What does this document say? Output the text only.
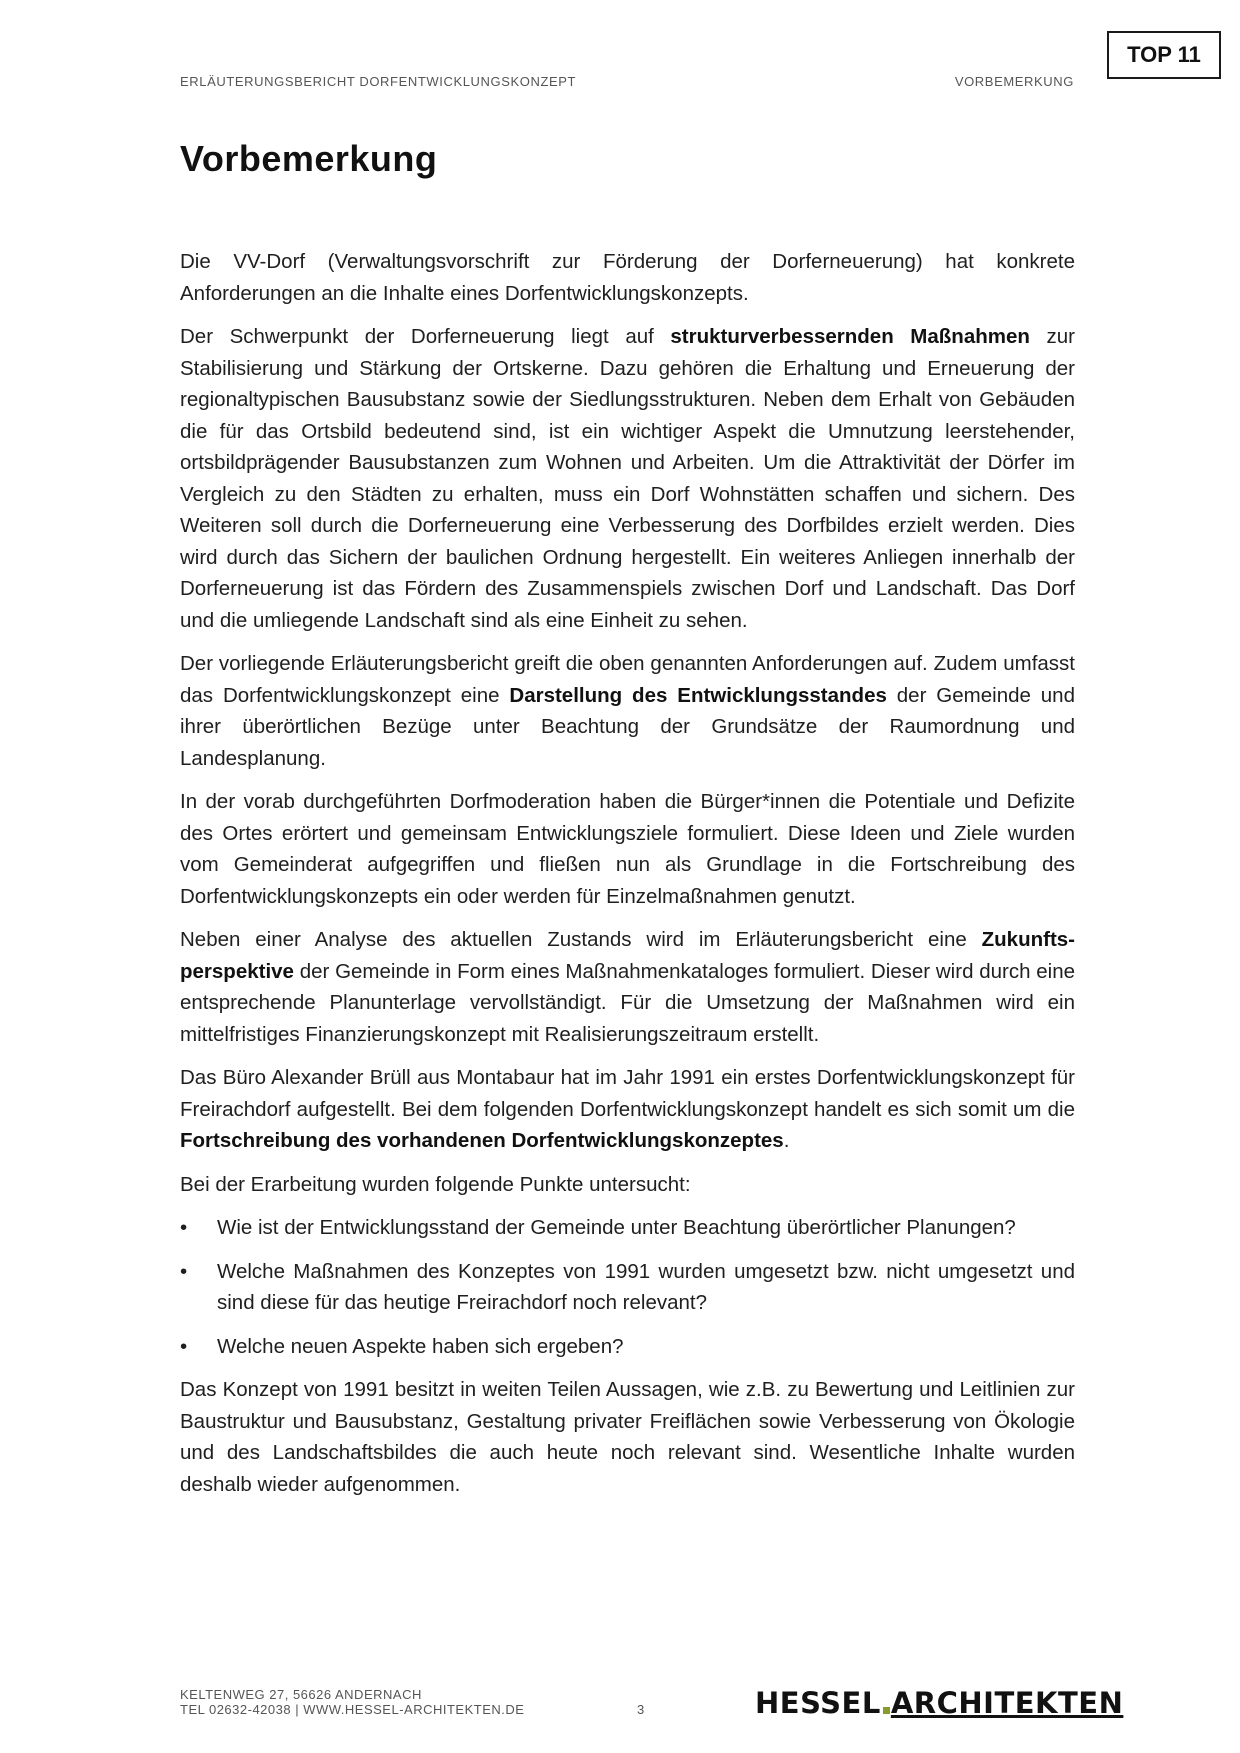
TOP 11
ERLÄUTERUNGSBERICHT DORFENTWICKLUNGSKONZEPT	VORBEMERKUNG
Vorbemerkung

Die VV-Dorf (Verwaltungsvorschrift zur Förderung der Dorferneuerung) hat konkrete Anforderungen an die Inhalte eines Dorfentwicklungskonzepts.

Der Schwerpunkt der Dorferneuerung liegt auf strukturverbessernden Maßnahmen zur Stabilisierung und Stärkung der Ortskerne. Dazu gehören die Erhaltung und Erneuerung der regionaltypischen Bausubstanz sowie der Siedlungsstrukturen. Neben dem Erhalt von Gebäuden die für das Ortsbild bedeutend sind, ist ein wichtiger Aspekt die Umnutzung leerstehender, ortsbildprägender Bausubstanzen zum Wohnen und Arbeiten. Um die Attraktivität der Dörfer im Vergleich zu den Städten zu erhalten, muss ein Dorf Wohnstätten schaffen und sichern. Des Weiteren soll durch die Dorferneuerung eine Verbesserung des Dorfbildes erzielt werden. Dies wird durch das Sichern der baulichen Ordnung hergestellt. Ein weiteres Anliegen innerhalb der Dorferneuerung ist das Fördern des Zusammenspiels zwischen Dorf und Landschaft. Das Dorf und die umliegende Landschaft sind als eine Einheit zu sehen.

Der vorliegende Erläuterungsbericht greift die oben genannten Anforderungen auf. Zudem umfasst das Dorfentwicklungskonzept eine Darstellung des Entwicklungsstandes der Gemeinde und ihrer überörtlichen Bezüge unter Beachtung der Grundsätze der Raumordnung und Landesplanung.

In der vorab durchgeführten Dorfmoderation haben die Bürger*innen die Potentiale und Defizite des Ortes erörtert und gemeinsam Entwicklungsziele formuliert. Diese Ideen und Ziele wurden vom Gemeinderat aufgegriffen und fließen nun als Grundlage in die Fortschreibung des Dorfentwicklungskonzepts ein oder werden für Einzelmaßnahmen genutzt.

Neben einer Analyse des aktuellen Zustands wird im Erläuterungsbericht eine Zukunftsperspektive der Gemeinde in Form eines Maßnahmenkataloges formuliert. Dieser wird durch eine entsprechende Planunterlage vervollständigt. Für die Umsetzung der Maßnahmen wird ein mittelfristiges Finanzierungskonzept mit Realisierungszeitraum erstellt.

Das Büro Alexander Brüll aus Montabaur hat im Jahr 1991 ein erstes Dorfentwicklungskonzept für Freirachdorf aufgestellt. Bei dem folgenden Dorfentwicklungskonzept handelt es sich somit um die Fortschreibung des vorhandenen Dorfentwicklungskonzeptes.

Bei der Erarbeitung wurden folgende Punkte untersucht:

• Wie ist der Entwicklungsstand der Gemeinde unter Beachtung überörtlicher Planungen?
• Welche Maßnahmen des Konzeptes von 1991 wurden umgesetzt bzw. nicht umgesetzt und sind diese für das heutige Freirachdorf noch relevant?
• Welche neuen Aspekte haben sich ergeben?

Das Konzept von 1991 besitzt in weiten Teilen Aussagen, wie z.B. zu Bewertung und Leitlinien zur Baustruktur und Bausubstanz, Gestaltung privater Freiflächen sowie Verbesserung von Ökologie und des Landschaftsbildes die auch heute noch relevant sind. Wesentliche Inhalte wurden deshalb wieder aufgenommen.

KELTENWEG 27, 56626 ANDERNACH
TEL 02632-42038 | WWW.HESSEL-ARCHITEKTEN.DE	3	HESSEL ARCHITEKTEN
